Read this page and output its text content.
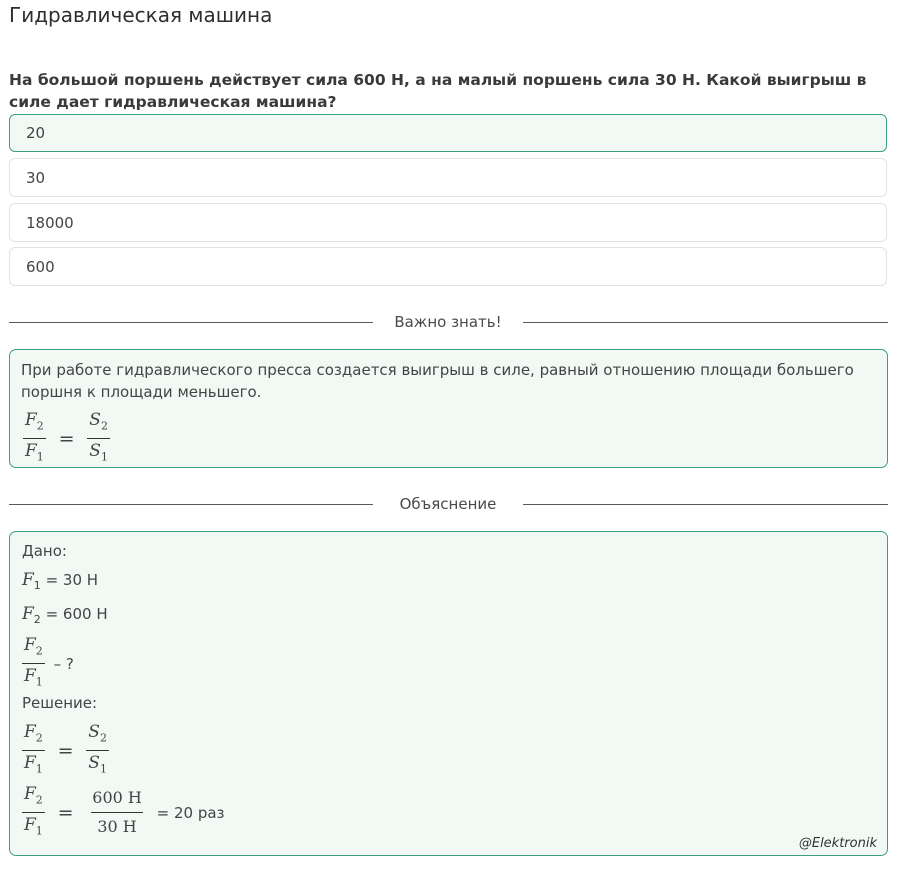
Гидравлическая машина

На большой поршень действует сила 600 Н, а на малый поршень сила 30 Н. Какой выигрыш в силе дает гидравлическая машина?

20
30
18000
600
Важно знать!
При работе гидравлического пресса создается выигрыш в силе, равный отношению площади большего поршня к площади меньшего.
$\frac{F_2}{F_1} = \frac{S_2}{S_1}$
Объяснение
Дано:
$F_1 = 30$ Н
$F_2 = 600$ Н
$\frac{F_2}{F_1}$ – ?
Решение:
$\frac{F_2}{F_1} = \frac{S_2}{S_1}$
$\frac{F_2}{F_1} = \frac{600 Н}{30 Н} = 20$ раз
@Elektronik
